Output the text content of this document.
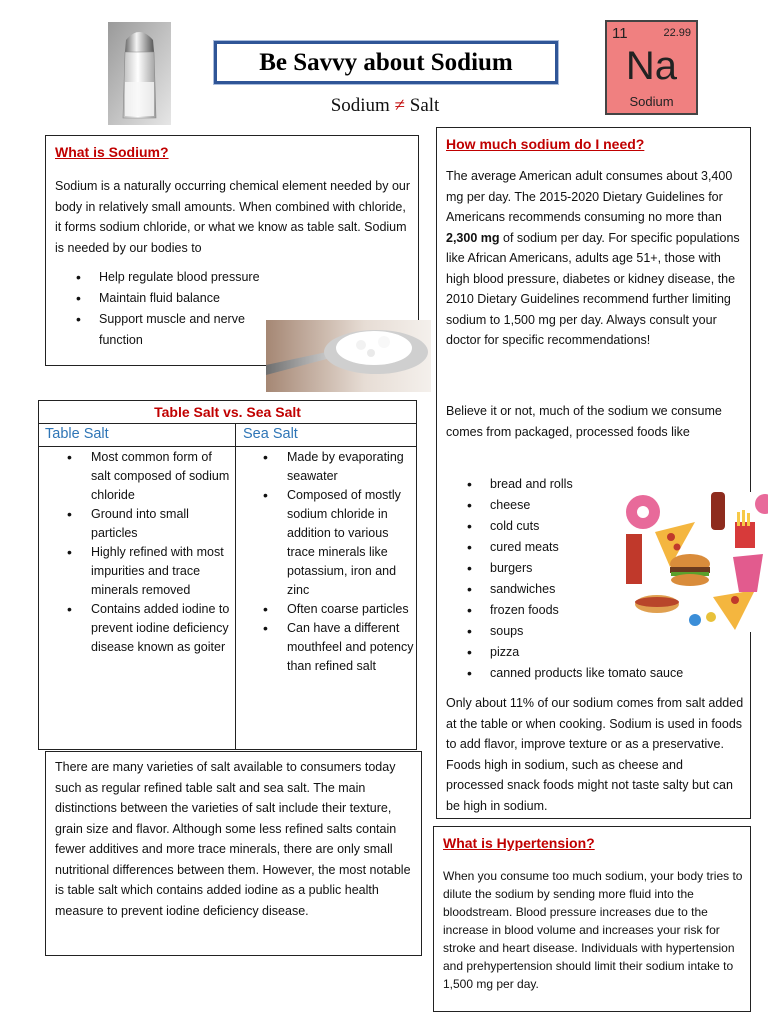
Be Savvy about Sodium
Sodium ≠ Salt
11	22.99
Na
Sodium
What is Sodium?
Sodium is a naturally occurring chemical element needed by our body in relatively small amounts. When combined with chloride, it forms sodium chloride, or what we know as table salt. Sodium is needed by our bodies to
• Help regulate blood pressure
• Maintain fluid balance
• Support muscle and nerve function
Table Salt vs. Sea Salt
Table Salt	Sea Salt
• Most common form of salt composed of sodium chloride
• Ground into small particles
• Highly refined with most impurities and trace minerals removed
• Contains added iodine to prevent iodine deficiency disease known as goiter
• Made by evaporating seawater
• Composed of mostly sodium chloride in addition to various trace minerals like potassium, iron and zinc
• Often coarse particles
• Can have a different mouthfeel and potency than refined salt
There are many varieties of salt available to consumers today such as regular refined table salt and sea salt. The main distinctions between the varieties of salt include their texture, grain size and flavor. Although some less refined salts contain fewer additives and more trace minerals, there are only small nutritional differences between them. However, the most notable is table salt which contains added iodine as a public health measure to prevent iodine deficiency disease.
How much sodium do I need?
The average American adult consumes about 3,400 mg per day. The 2015-2020 Dietary Guidelines for Americans recommends consuming no more than 2,300 mg of sodium per day. For specific populations like African Americans, adults age 51+, those with high blood pressure, diabetes or kidney disease, the 2010 Dietary Guidelines recommend further limiting sodium to 1,500 mg per day. Always consult your doctor for specific recommendations!
Believe it or not, much of the sodium we consume comes from packaged, processed foods like
• bread and rolls
• cheese
• cold cuts
• cured meats
• burgers
• sandwiches
• frozen foods
• soups
• pizza
• canned products like tomato sauce
Only about 11% of our sodium comes from salt added at the table or when cooking. Sodium is used in foods to add flavor, improve texture or as a preservative. Foods high in sodium, such as cheese and processed snack foods might not taste salty but can be high in sodium.
What is Hypertension?
When you consume too much sodium, your body tries to dilute the sodium by sending more fluid into the bloodstream. Blood pressure increases due to the increase in blood volume and increases your risk for stroke and heart disease. Individuals with hypertension and prehypertension should limit their sodium intake to 1,500 mg per day.
